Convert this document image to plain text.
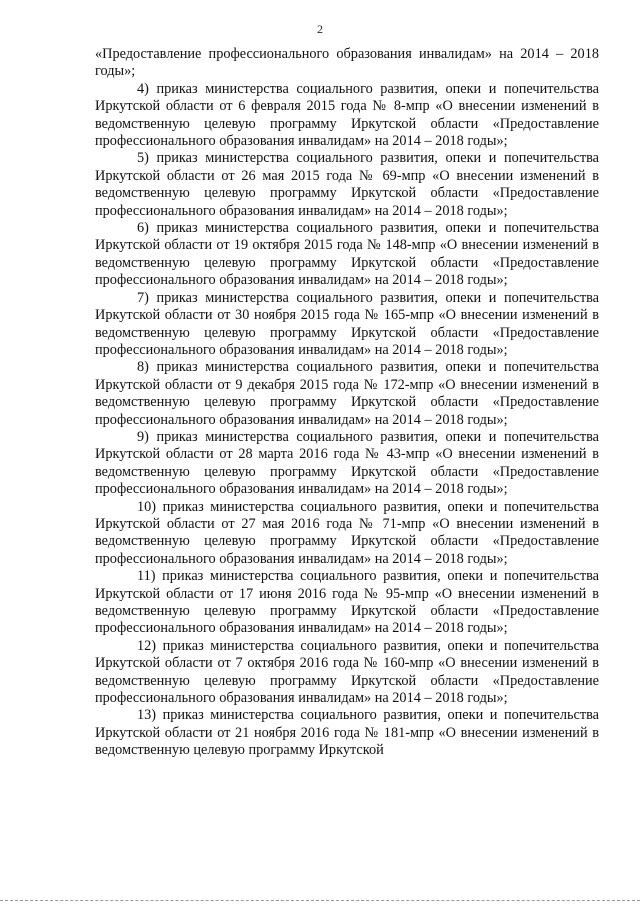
2

«Предоставление профессионального образования инвалидам» на 2014 – 2018 годы»;

4) приказ министерства социального развития, опеки и попечительства Иркутской области от 6 февраля 2015 года № 8-мпр «О внесении изменений в ведомственную целевую программу Иркутской области «Предоставление профессионального образования инвалидам» на 2014 – 2018 годы»;

5) приказ министерства социального развития, опеки и попечительства Иркутской области от 26 мая 2015 года № 69-мпр «О внесении изменений в ведомственную целевую программу Иркутской области «Предоставление профессионального образования инвалидам» на 2014 – 2018 годы»;

6) приказ министерства социального развития, опеки и попечительства Иркутской области от 19 октября 2015 года № 148-мпр «О внесении изменений в ведомственную целевую программу Иркутской области «Предоставление профессионального образования инвалидам» на 2014 – 2018 годы»;

7) приказ министерства социального развития, опеки и попечительства Иркутской области от 30 ноября 2015 года № 165-мпр «О внесении изменений в ведомственную целевую программу Иркутской области «Предоставление профессионального образования инвалидам» на 2014 – 2018 годы»;

8) приказ министерства социального развития, опеки и попечительства Иркутской области от 9 декабря 2015 года № 172-мпр «О внесении изменений в ведомственную целевую программу Иркутской области «Предоставление профессионального образования инвалидам» на 2014 – 2018 годы»;

9) приказ министерства социального развития, опеки и попечительства Иркутской области от 28 марта 2016 года № 43-мпр «О внесении изменений в ведомственную целевую программу Иркутской области «Предоставление профессионального образования инвалидам» на 2014 – 2018 годы»;

10) приказ министерства социального развития, опеки и попечительства Иркутской области от 27 мая 2016 года № 71-мпр «О внесении изменений в ведомственную целевую программу Иркутской области «Предоставление профессионального образования инвалидам» на 2014 – 2018 годы»;

11) приказ министерства социального развития, опеки и попечительства Иркутской области от 17 июня 2016 года № 95-мпр «О внесении изменений в ведомственную целевую программу Иркутской области «Предоставление профессионального образования инвалидам» на 2014 – 2018 годы»;

12) приказ министерства социального развития, опеки и попечительства Иркутской области от 7 октября 2016 года № 160-мпр «О внесении изменений в ведомственную целевую программу Иркутской области «Предоставление профессионального образования инвалидам» на 2014 – 2018 годы»;

13) приказ министерства социального развития, опеки и попечительства Иркутской области от 21 ноября 2016 года № 181-мпр «О внесении изменений в ведомственную целевую программу Иркутской
